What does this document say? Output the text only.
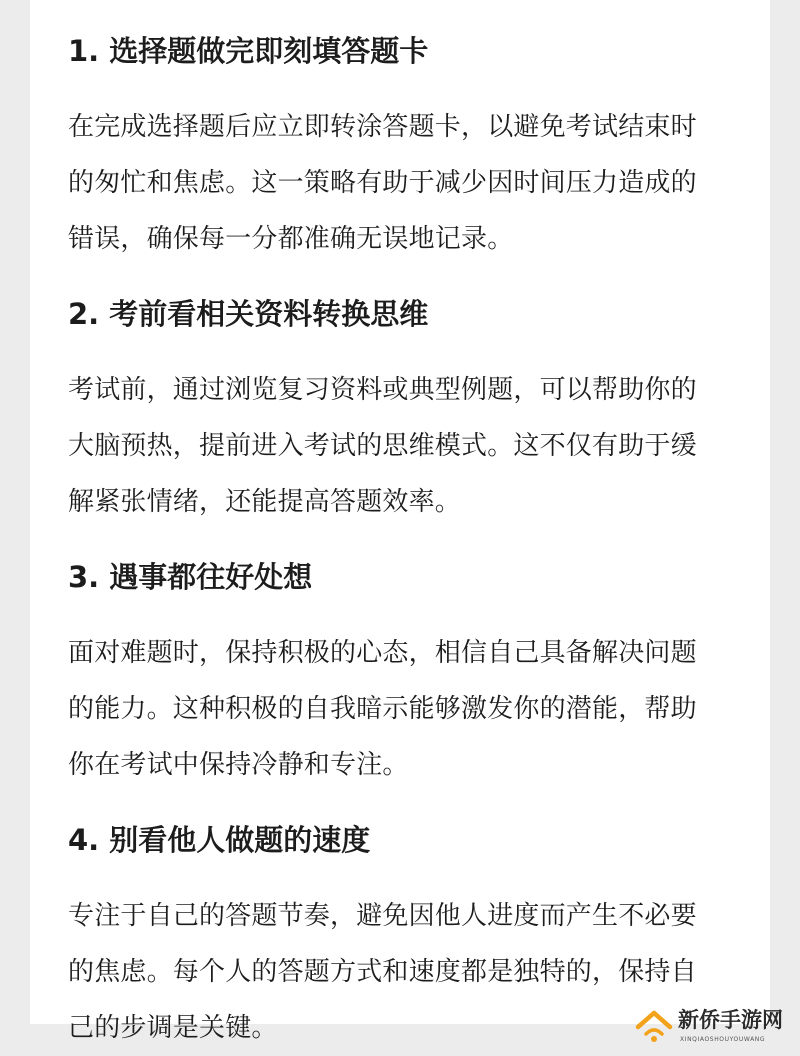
1. 选择题做完即刻填答题卡

在完成选择题后应立即转涂答题卡，以避免考试结束时
的匆忙和焦虑。这一策略有助于减少因时间压力造成的
错误，确保每一分都准确无误地记录。

2. 考前看相关资料转换思维

考试前，通过浏览复习资料或典型例题，可以帮助你的
大脑预热，提前进入考试的思维模式。这不仅有助于缓
解紧张情绪，还能提高答题效率。

3. 遇事都往好处想

面对难题时，保持积极的心态，相信自己具备解决问题
的能力。这种积极的自我暗示能够激发你的潜能，帮助
你在考试中保持冷静和专注。

4. 别看他人做题的速度

专注于自己的答题节奏，避免因他人进度而产生不必要
的焦虑。每个人的答题方式和速度都是独特的，保持自
己的步调是关键。	新侨手游网
XINQIAOSHOUYOUWANG
